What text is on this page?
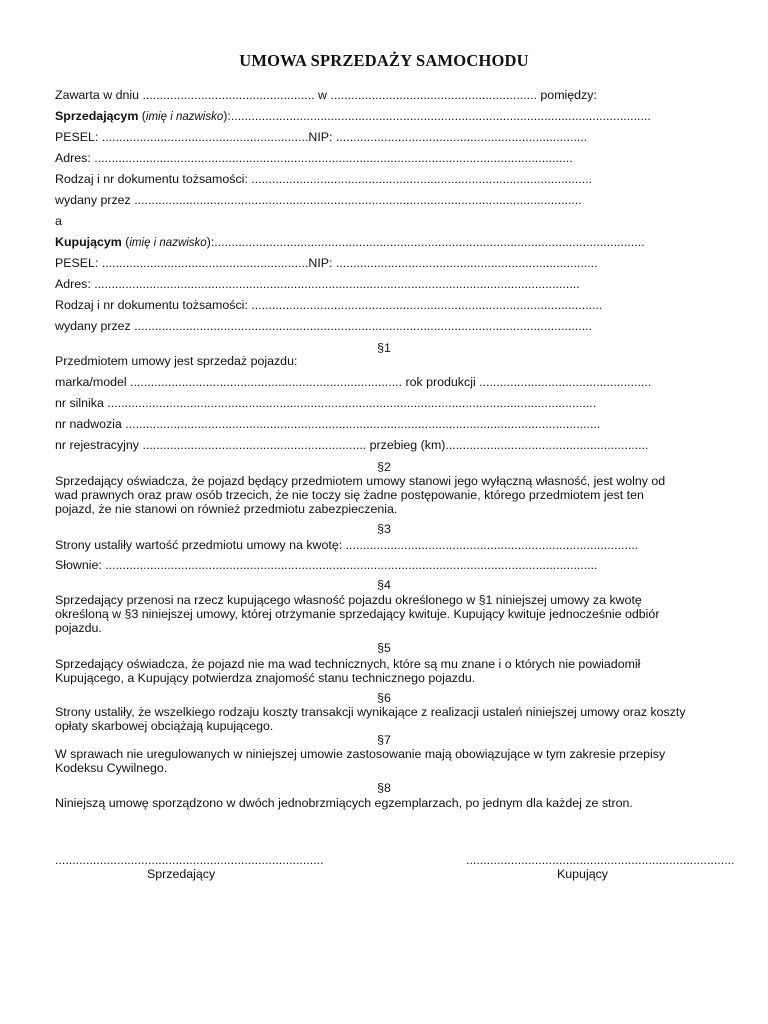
UMOWA SPRZEDAŻY SAMOCHODU
Zawarta w dniu .................................................. w ............................................................ pomiędzy:
Sprzedającym (imię i nazwisko):..........................................................................................................................
PESEL: ............................................................NIP: .........................................................................
Adres: ...........................................................................................................................................
Rodzaj i nr dokumentu tożsamości: ...................................................................................................
wydany przez ..................................................................................................................................
a
Kupującym (imię i nazwisko):.............................................................................................................................
PESEL: ............................................................NIP: ............................................................................
Adres: .............................................................................................................................................
Rodzaj i nr dokumentu tożsamości: ......................................................................................................
wydany przez .....................................................................................................................................
§1
Przedmiotem umowy jest sprzedaż pojazdu:
marka/model ............................................................................... rok produkcji ..................................................
nr silnika ..............................................................................................................................................
nr nadwozia ..........................................................................................................................................
nr rejestracyjny ................................................................. przebieg (km)...........................................................
§2
Sprzedający oświadcza, że pojazd będący przedmiotem umowy stanowi jego wyłączną własność, jest wolny od
wad prawnych oraz praw osób trzecich, że nie toczy się żadne postępowanie, którego przedmiotem jest ten
pojazd, że nie stanowi on również przedmiotu zabezpieczenia.
§3
Strony ustaliły wartość przedmiotu umowy na kwotę: .....................................................................................
Słownie: ...............................................................................................................................................
§4
Sprzedający przenosi na rzecz kupującego własność pojazdu określonego w §1 niniejszej umowy za kwotę
określoną w §3 niniejszej umowy, której otrzymanie sprzedający kwituje. Kupujący kwituje jednocześnie odbiór
pojazdu.
§5
Sprzedający oświadcza, że pojazd nie ma wad technicznych, które są mu znane i o których nie powiadomił
Kupującego, a Kupujący potwierdza znajomość stanu technicznego pojazdu.
§6
Strony ustaliły, że wszelkiego rodzaju koszty transakcji wynikające z realizacji ustaleń niniejszej umowy oraz koszty
opłaty skarbowej obciążają kupującego.
§7
W sprawach nie uregulowanych w niniejszej umowie zastosowanie mają obowiązujące w tym zakresie przepisy
Kodeksu Cywilnego.
§8
Niniejszą umowę sporządzono w dwóch jednobrzmiących egzemplarzach, po jednym dla każdej ze stron.
..............................................................................	..............................................................................
Sprzedający	Kupujący
